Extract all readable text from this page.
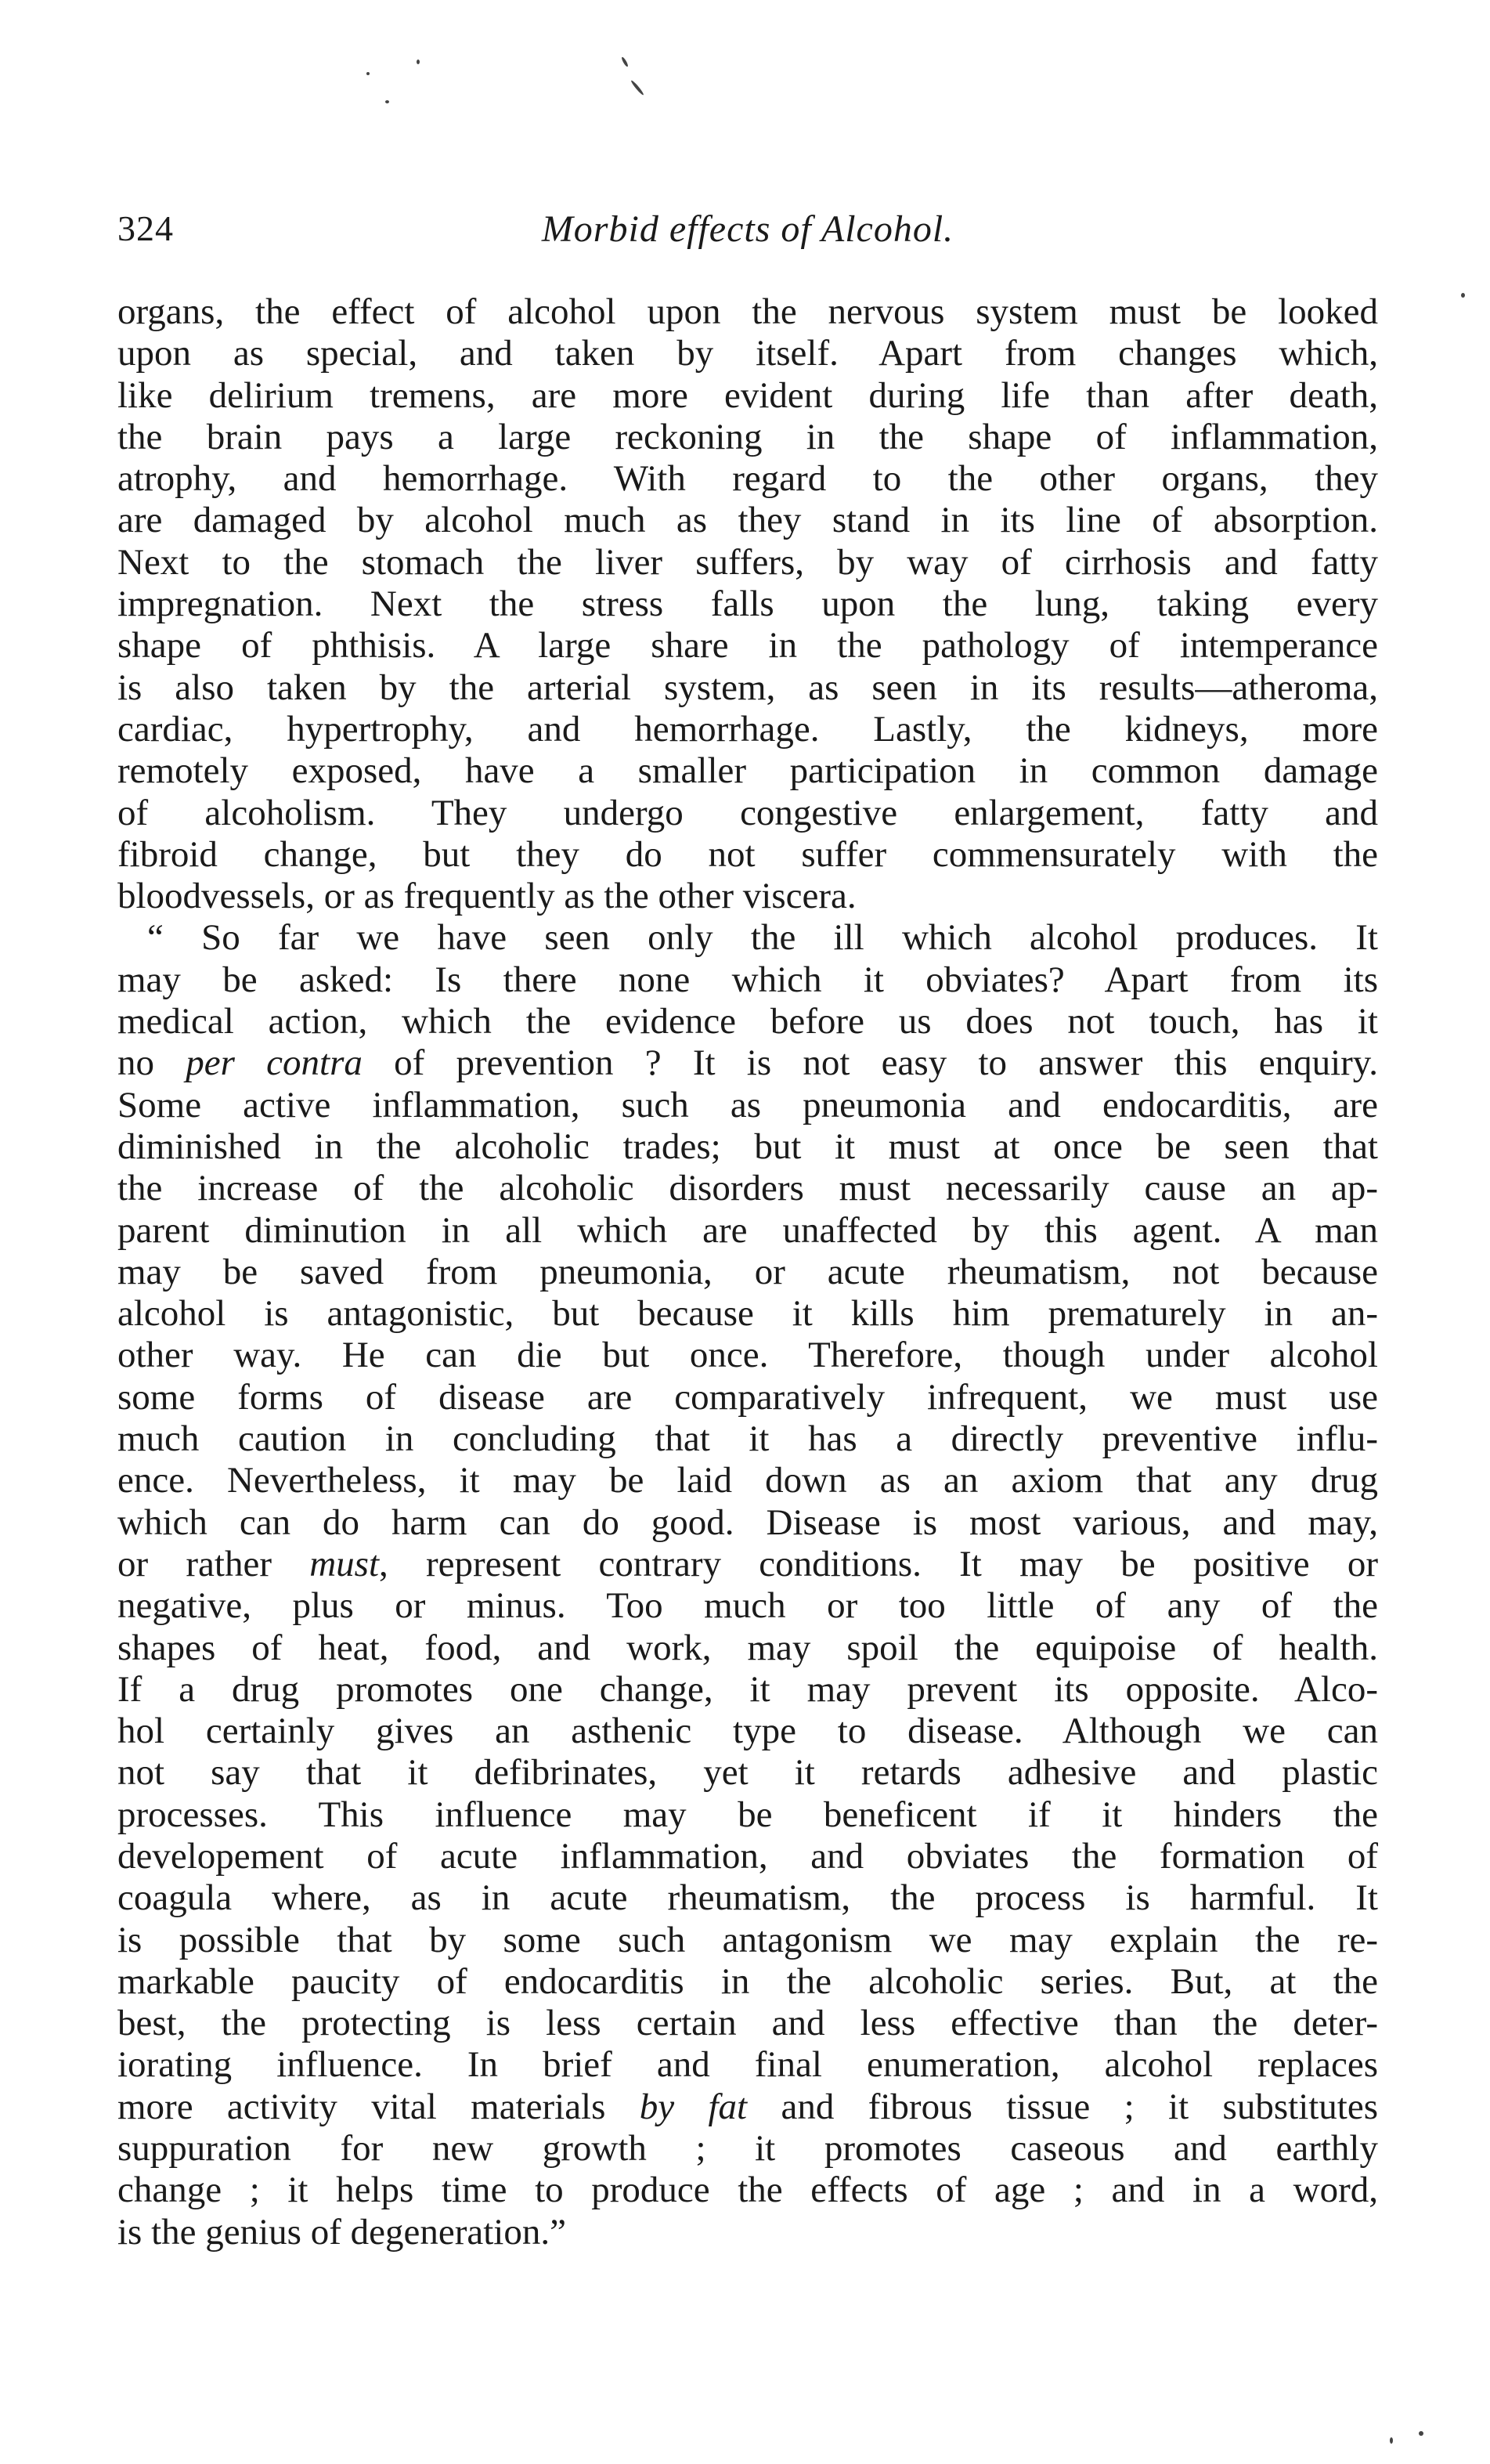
324	Morbid effects of Alcohol.
organs, the effect of alcohol upon the nervous system must be looked
upon as special, and taken by itself. Apart from changes which,
like delirium tremens, are more evident during life than after death,
the brain pays a large reckoning in the shape of inflammation,
atrophy, and hemorrhage. With regard to the other organs, they
are damaged by alcohol much as they stand in its line of absorption.
Next to the stomach the liver suffers, by way of cirrhosis and fatty
impregnation. Next the stress falls upon the lung, taking every
shape of phthisis. A large share in the pathology of intemperance
is also taken by the arterial system, as seen in its results—atheroma,
cardiac, hypertrophy, and hemorrhage. Lastly, the kidneys, more
remotely exposed, have a smaller participation in common damage
of alcoholism. They undergo congestive enlargement, fatty and
fibroid change, but they do not suffer commensurately with the
bloodvessels, or as frequently as the other viscera.
“ So far we have seen only the ill which alcohol produces. It
may be asked: Is there none which it obviates? Apart from its
medical action, which the evidence before us does not touch, has it
no per contra of prevention ? It is not easy to answer this enquiry.
Some active inflammation, such as pneumonia and endocarditis, are
diminished in the alcoholic trades; but it must at once be seen that
the increase of the alcoholic disorders must necessarily cause an ap-
parent diminution in all which are unaffected by this agent. A man
may be saved from pneumonia, or acute rheumatism, not because
alcohol is antagonistic, but because it kills him prematurely in an-
other way. He can die but once. Therefore, though under alcohol
some forms of disease are comparatively infrequent, we must use
much caution in concluding that it has a directly preventive influ-
ence. Nevertheless, it may be laid down as an axiom that any drug
which can do harm can do good. Disease is most various, and may,
or rather must, represent contrary conditions. It may be positive or
negative, plus or minus. Too much or too little of any of the
shapes of heat, food, and work, may spoil the equipoise of health.
If a drug promotes one change, it may prevent its opposite. Alco-
hol certainly gives an asthenic type to disease. Although we can
not say that it defibrinates, yet it retards adhesive and plastic
processes. This influence may be beneficent if it hinders the
developement of acute inflammation, and obviates the formation of
coagula where, as in acute rheumatism, the process is harmful. It
is possible that by some such antagonism we may explain the re-
markable paucity of endocarditis in the alcoholic series. But, at the
best, the protecting is less certain and less effective than the deter-
iorating influence. In brief and final enumeration, alcohol replaces
more activity vital materials by fat and fibrous tissue ; it substitutes
suppuration for new growth ; it promotes caseous and earthly
change ; it helps time to produce the effects of age ; and in a word,
is the genius of degeneration.”
